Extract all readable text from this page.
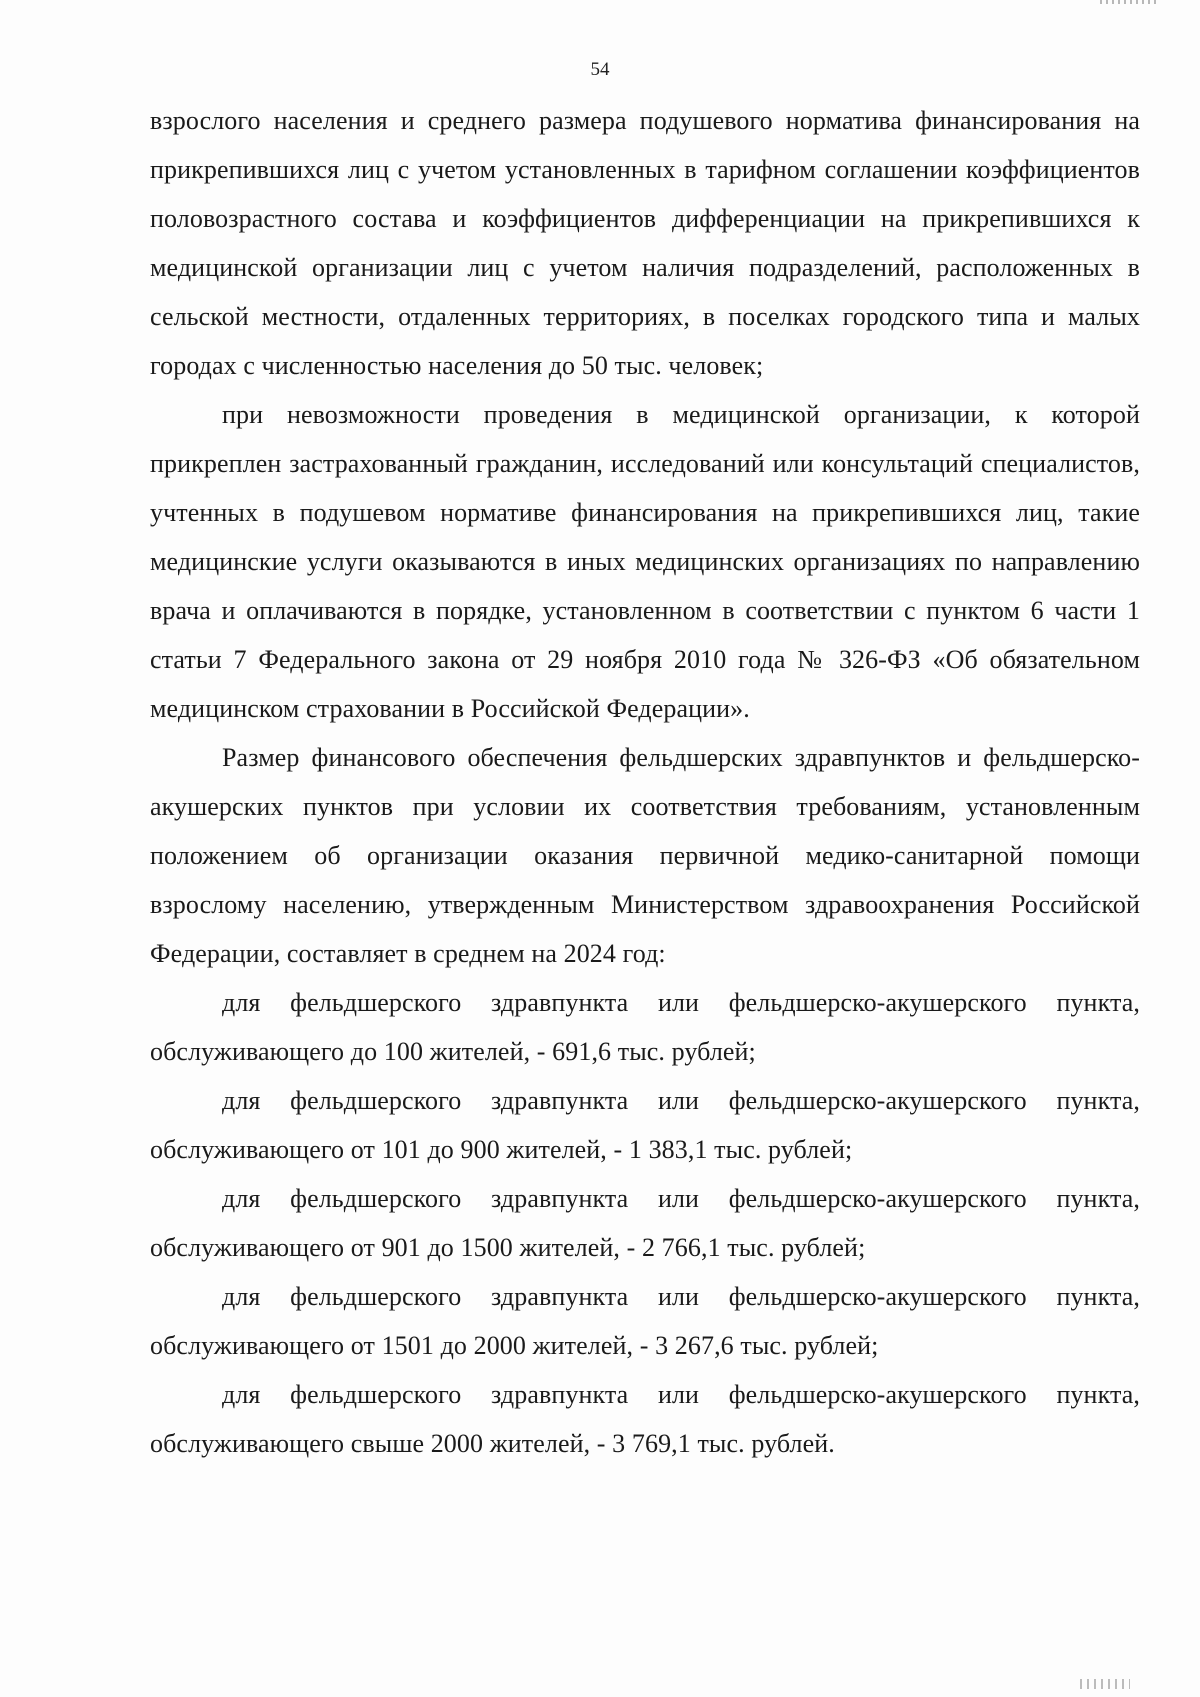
54

взрослого населения и среднего размера подушевого норматива финансирования на прикрепившихся лиц с учетом установленных в тарифном соглашении коэффициентов половозрастного состава и коэффициентов дифференциации на прикрепившихся к медицинской организации лиц с учетом наличия подразделений, расположенных в сельской местности, отдаленных территориях, в поселках городского типа и малых городах с численностью населения до 50 тыс. человек;

при невозможности проведения в медицинской организации, к которой прикреплен застрахованный гражданин, исследований или консультаций специалистов, учтенных в подушевом нормативе финансирования на прикрепившихся лиц, такие медицинские услуги оказываются в иных медицинских организациях по направлению врача и оплачиваются в порядке, установленном в соответствии с пунктом 6 части 1 статьи 7 Федерального закона от 29 ноября 2010 года № 326-ФЗ «Об обязательном медицинском страховании в Российской Федерации».

Размер финансового обеспечения фельдшерских здравпунктов и фельдшерско-акушерских пунктов при условии их соответствия требованиям, установленным положением об организации оказания первичной медико-санитарной помощи взрослому населению, утвержденным Министерством здравоохранения Российской Федерации, составляет в среднем на 2024 год:

для фельдшерского здравпункта или фельдшерско-акушерского пункта, обслуживающего до 100 жителей, - 691,6 тыс. рублей;

для фельдшерского здравпункта или фельдшерско-акушерского пункта, обслуживающего от 101 до 900 жителей, - 1 383,1 тыс. рублей;

для фельдшерского здравпункта или фельдшерско-акушерского пункта, обслуживающего от 901 до 1500 жителей, - 2 766,1 тыс. рублей;

для фельдшерского здравпункта или фельдшерско-акушерского пункта, обслуживающего от 1501 до 2000 жителей, - 3 267,6 тыс. рублей;

для фельдшерского здравпункта или фельдшерско-акушерского пункта, обслуживающего свыше 2000 жителей, - 3 769,1 тыс. рублей.
